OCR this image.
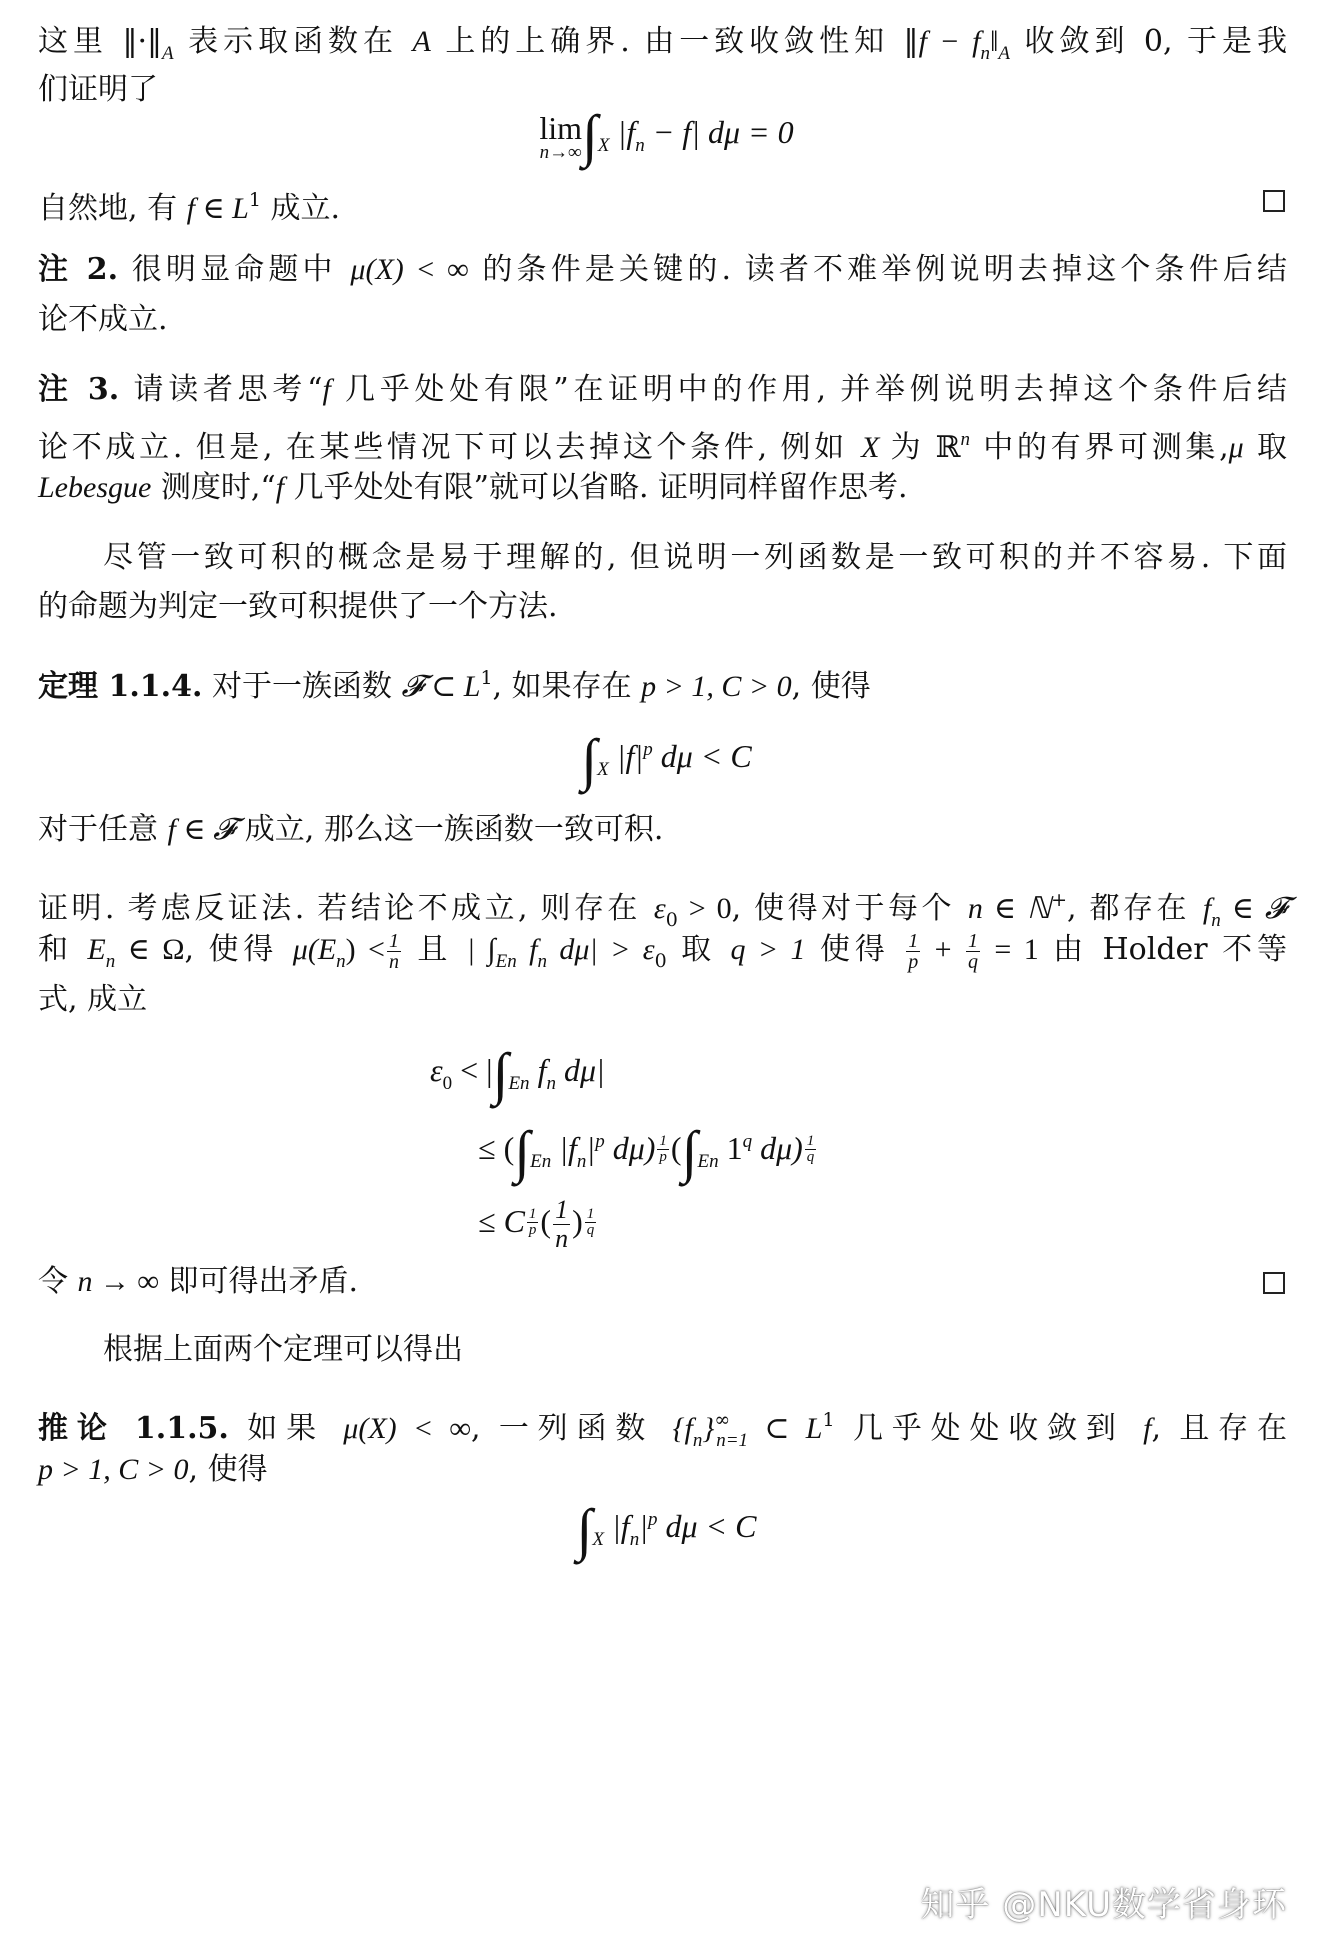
这里 $‖\cdot‖_A$ 表示取函数在 A 上的上确界. 由一致收敛性知 ‖f − $f_n‖_A$ 收敛到 0, 于是我
们证明了
lim
n→∞ $\int_X$ $|f_n - f|$ dμ = 0
自然地, 有 f ∈ $L^1$ 成立.
注 2. 很明显命题中 μ(X) < ∞ 的条件是关键的. 读者不难举例说明去掉这个条件后结
论不成立.
注 3. 请读者思考“f 几乎处处有限”在证明中的作用, 并举例说明去掉这个条件后结
论不成立. 但是, 在某些情况下可以去掉这个条件, 例如 X 为 ℝ$^n$ 中的有界可测集,μ 取
Lebesgue 测度时,“f 几乎处处有限”就可以省略. 证明同样留作思考.
尽管一致可积的概念是易于理解的, 但说明一列函数是一致可积的并不容易. 下面
的命题为判定一致可积提供了一个方法.
定理 1.1.4. 对于一族函数 𝓕 ⊂ $L^1$, 如果存在 p > 1, C > 0, 使得
$\int_X$ $|f|^p$ dμ < C
对于任意 f ∈ 𝓕 成立, 那么这一族函数一致可积.
证明. 考虑反证法. 若结论不成立, 则存在 $\varepsilon_0 > 0$, 使得对于每个 n ∈ ℕ+, 都存在 $f_n$ ∈ 𝓕
和 $E_n$ ∈ Ω, 使得 $\mu(E_n) < \frac{1}{n}$ 且 | $\int_{En}$ $f_n$ $d\mu| > \varepsilon_0$ 取 q > 1 使得 $\frac{1}{p} + \frac{1}{q} = 1$ 由 Holder 不等
式, 成立
$\varepsilon_0 < |\int_{En}$ $f_n$ dμ|
≤ ($\int_{En}$ $|f_n|^p$ $d\mu) \frac{1}{p} (\int_{En}$ 1$^q$ $d\mu) \frac{1}{q}$
≤ C $\frac{1}{p}$ ( $\frac{1}{n}$ ) $\frac{1}{q}$
令 n → ∞ 即可得出矛盾.
根据上面两个定理可以得出
推论 1.1.5. 如果 μ(X) < ∞, 一列函数 $\{f_n\}^\infty_{n=1}$ ⊂ $L^1$ 几乎处处收敛到 f, 且存在
p > 1, C > 0, 使得
$\int_X$ $|f_n|^p$ dμ < C
知乎 @NKU数学省身环
